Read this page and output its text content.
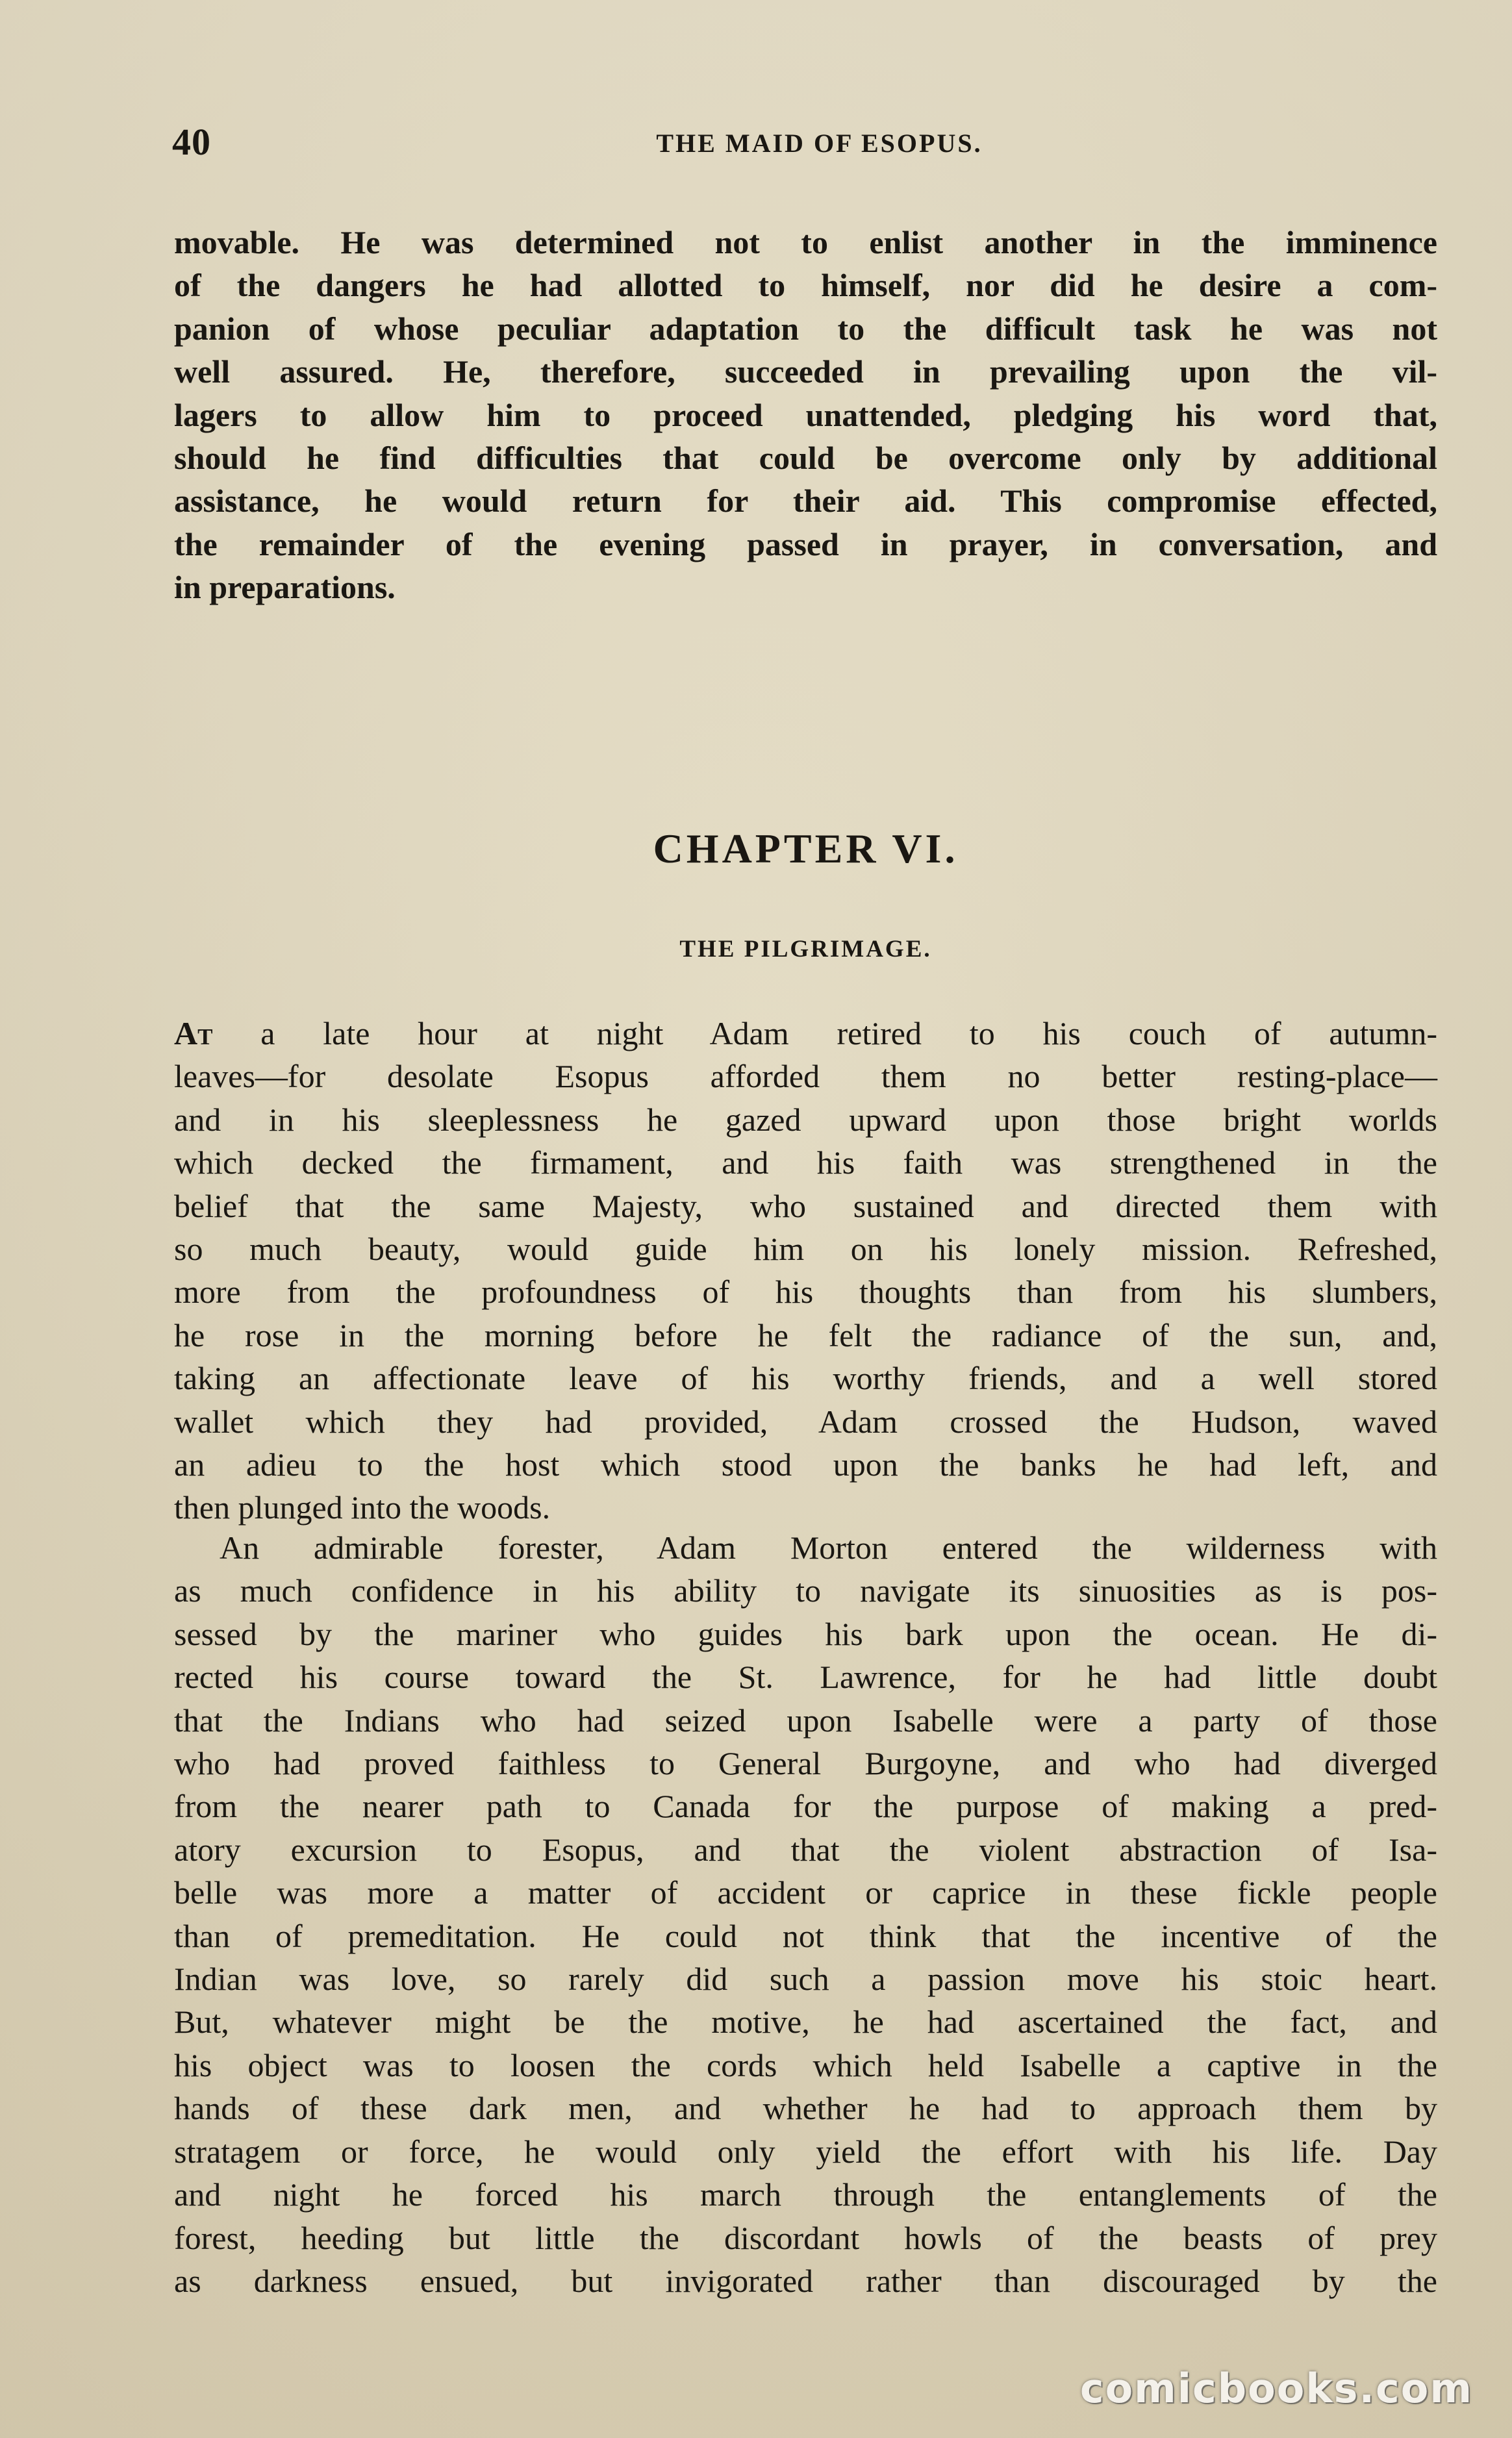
40	THE MAID OF ESOPUS.
movable. He was determined not to enlist another in the imminence
of the dangers he had allotted to himself, nor did he desire a com-
panion of whose peculiar adaptation to the difficult task he was not
well assured. He, therefore, succeeded in prevailing upon the vil-
lagers to allow him to proceed unattended, pledging his word that,
should he find difficulties that could be overcome only by additional
assistance, he would return for their aid. This compromise effected,
the remainder of the evening passed in prayer, in conversation, and
in preparations.
CHAPTER VI.
THE PILGRIMAGE.
At a late hour at night Adam retired to his couch of autumn-
leaves—for desolate Esopus afforded them no better resting-place—
and in his sleeplessness he gazed upward upon those bright worlds
which decked the firmament, and his faith was strengthened in the
belief that the same Majesty, who sustained and directed them with
so much beauty, would guide him on his lonely mission. Refreshed,
more from the profoundness of his thoughts than from his slumbers,
he rose in the morning before he felt the radiance of the sun, and,
taking an affectionate leave of his worthy friends, and a well stored
wallet which they had provided, Adam crossed the Hudson, waved
an adieu to the host which stood upon the banks he had left, and
then plunged into the woods.
An admirable forester, Adam Morton entered the wilderness with
as much confidence in his ability to navigate its sinuosities as is pos-
sessed by the mariner who guides his bark upon the ocean. He di-
rected his course toward the St. Lawrence, for he had little doubt
that the Indians who had seized upon Isabelle were a party of those
who had proved faithless to General Burgoyne, and who had diverged
from the nearer path to Canada for the purpose of making a pred-
atory excursion to Esopus, and that the violent abstraction of Isa-
belle was more a matter of accident or caprice in these fickle people
than of premeditation. He could not think that the incentive of the
Indian was love, so rarely did such a passion move his stoic heart.
But, whatever might be the motive, he had ascertained the fact, and
his object was to loosen the cords which held Isabelle a captive in the
hands of these dark men, and whether he had to approach them by
stratagem or force, he would only yield the effort with his life. Day
and night he forced his march through the entanglements of the
forest, heeding but little the discordant howls of the beasts of prey
as darkness ensued, but invigorated rather than discouraged by the
comicbooks.com
